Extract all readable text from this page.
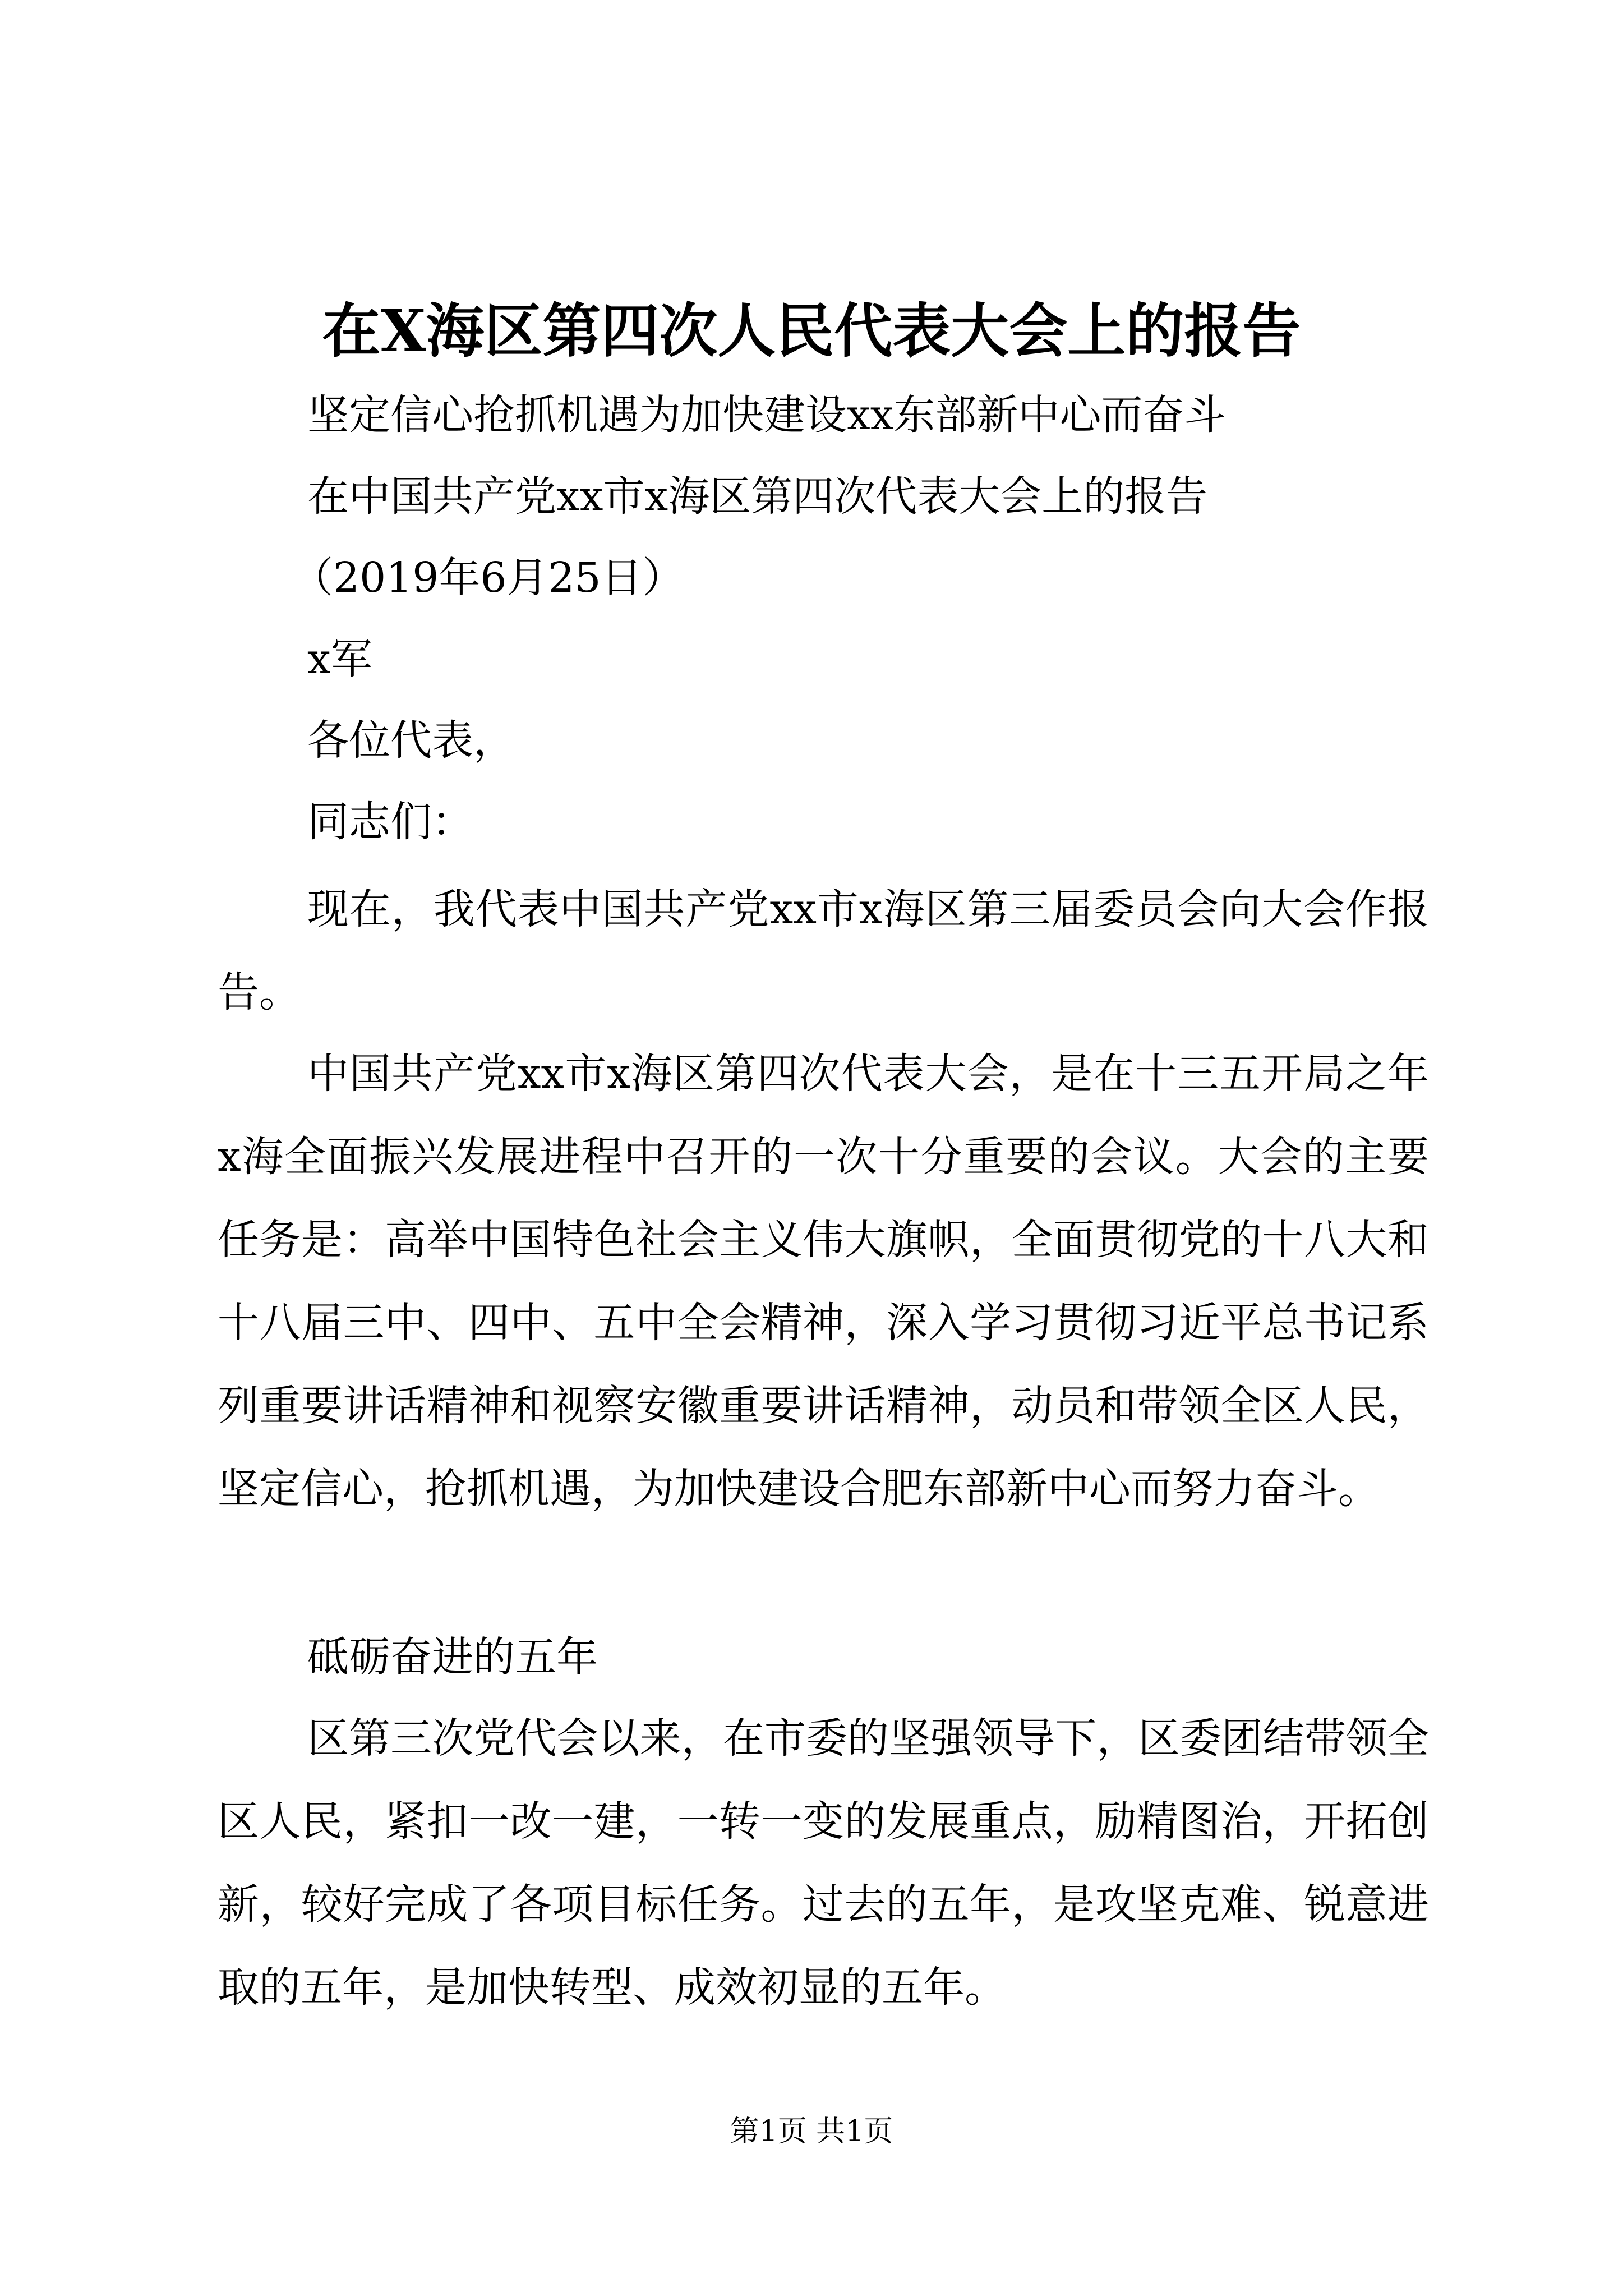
在X海区第四次人民代表大会上的报告
坚定信心抢抓机遇为加快建设xx东部新中心而奋斗
在中国共产党xx市x海区第四次代表大会上的报告
（2019年6月25日）
x军
各位代表，
同志们：

现在，我代表中国共产党xx市x海区第三届委员会向大会作报告。

中国共产党xx市x海区第四次代表大会，是在十三五开局之年x海全面振兴发展进程中召开的一次十分重要的会议。大会的主要任务是：高举中国特色社会主义伟大旗帜，全面贯彻党的十八大和十八届三中、四中、五中全会精神，深入学习贯彻习近平总书记系列重要讲话精神和视察安徽重要讲话精神，动员和带领全区人民，坚定信心，抢抓机遇，为加快建设合肥东部新中心而努力奋斗。

砥砺奋进的五年

区第三次党代会以来，在市委的坚强领导下，区委团结带领全区人民，紧扣一改一建，一转一变的发展重点，励精图治，开拓创新，较好完成了各项目标任务。过去的五年，是攻坚克难、锐意进取的五年，是加快转型、成效初显的五年。

第1页 共1页
